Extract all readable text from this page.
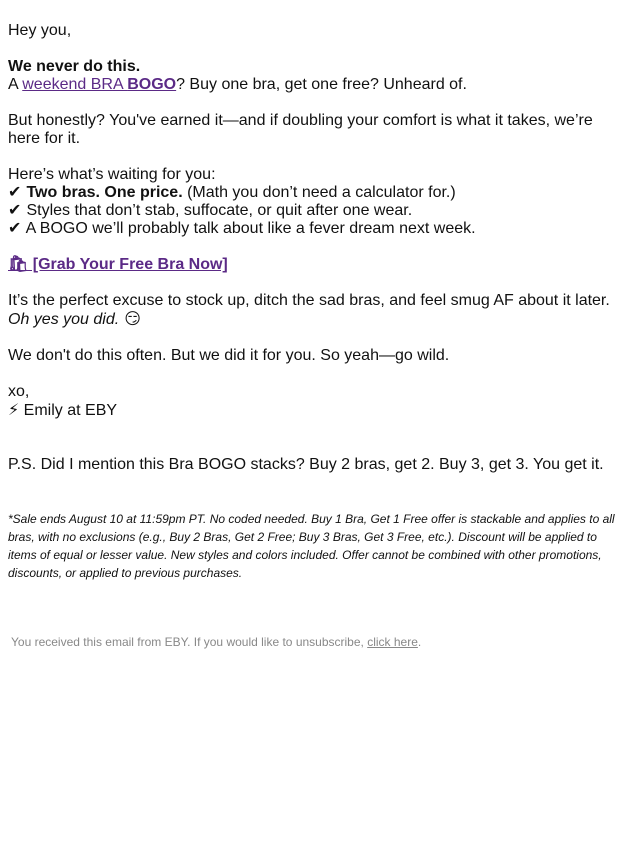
Hey you,

We never do this.

A weekend BRA BOGO? Buy one bra, get one free? Unheard of.

But honestly? You've earned it—and if doubling your comfort is what it takes, we’re here for it.

Here’s what’s waiting for you:

✔ Two bras. One price. (Math you don’t need a calculator for.)

✔ Styles that don’t stab, suffocate, or quit after one wear.

✔ A BOGO we’ll probably talk about like a fever dream next week.

🛍 [Grab Your Free Bra Now]

It’s the perfect excuse to stock up, ditch the sad bras, and feel smug AF about it later. Oh yes you did. 😏

We don't do this often. But we did it for you. So yeah—go wild.

xo,

⚡ Emily at EBY

P.S. Did I mention this Bra BOGO stacks? Buy 2 bras, get 2. Buy 3, get 3. You get it.

*Sale ends August 10 at 11:59pm PT. No coded needed. Buy 1 Bra, Get 1 Free offer is stackable and applies to all bras, with no exclusions (e.g., Buy 2 Bras, Get 2 Free; Buy 3 Bras, Get 3 Free, etc.). Discount will be applied to items of equal or lesser value. New styles and colors included. Offer cannot be combined with other promotions, discounts, or applied to previous purchases.

You received this email from EBY. If you would like to unsubscribe, click here.
